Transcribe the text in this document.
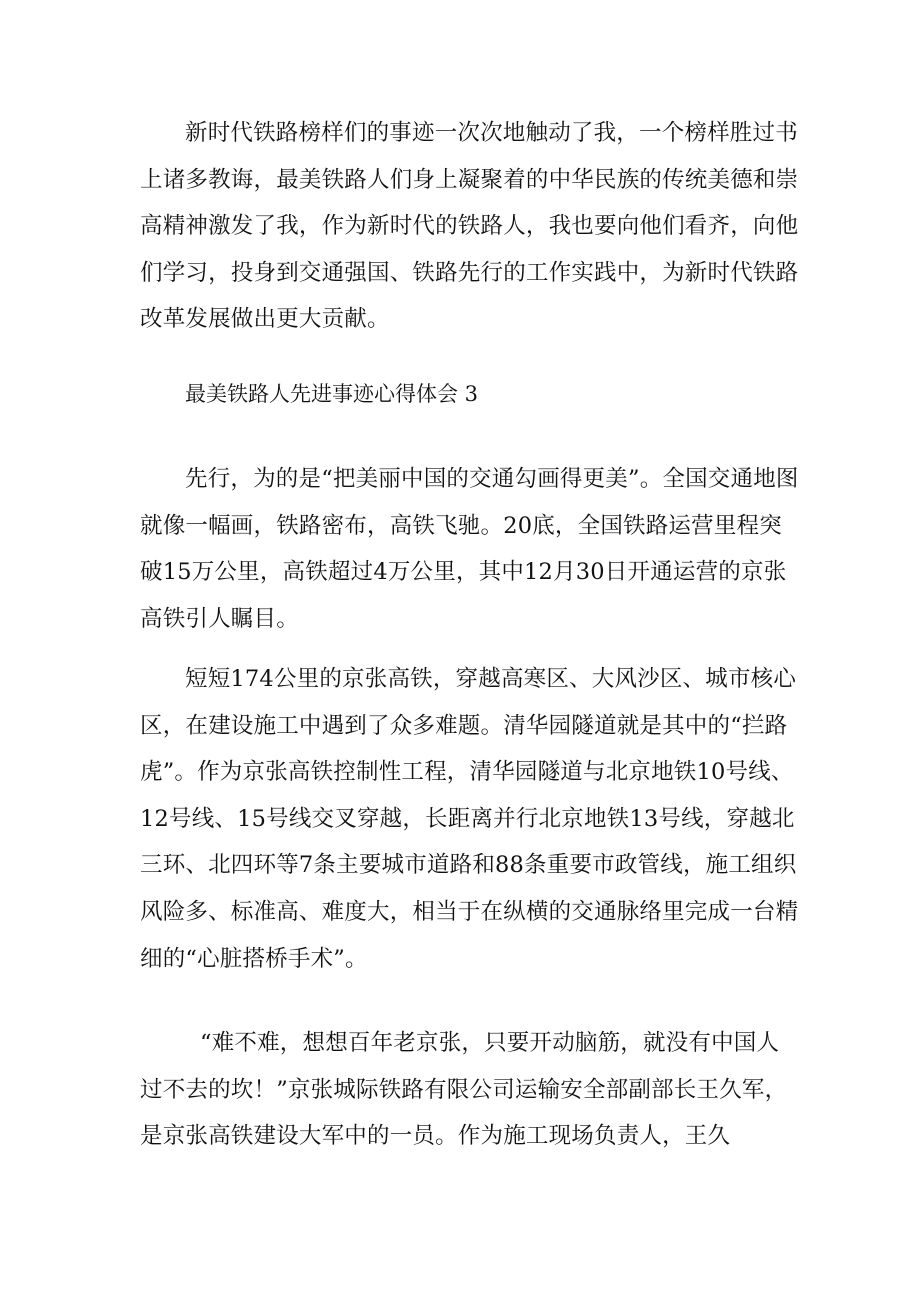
新时代铁路榜样们的事迹一次次地触动了我，一个榜样胜过书上诸多教诲，最美铁路人们身上凝聚着的中华民族的传统美德和崇高精神激发了我，作为新时代的铁路人，我也要向他们看齐，向他们学习，投身到交通强国、铁路先行的工作实践中，为新时代铁路改革发展做出更大贡献。

最美铁路人先进事迹心得体会 3

先行，为的是“把美丽中国的交通勾画得更美”。全国交通地图就像一幅画，铁路密布，高铁飞驰。20底，全国铁路运营里程突破15万公里，高铁超过4万公里，其中12月30日开通运营的京张高铁引人瞩目。

短短174公里的京张高铁，穿越高寒区、大风沙区、城市核心区，在建设施工中遇到了众多难题。清华园隧道就是其中的“拦路虎”。作为京张高铁控制性工程，清华园隧道与北京地铁10号线、12号线、15号线交叉穿越，长距离并行北京地铁13号线，穿越北三环、北四环等7条主要城市道路和88条重要市政管线，施工组织风险多、标准高、难度大，相当于在纵横的交通脉络里完成一台精细的“心脏搭桥手术”。

“难不难，想想百年老京张，只要开动脑筋，就没有中国人过不去的坎！”京张城际铁路有限公司运输安全部副部长王久军，是京张高铁建设大军中的一员。作为施工现场负责人，王久
